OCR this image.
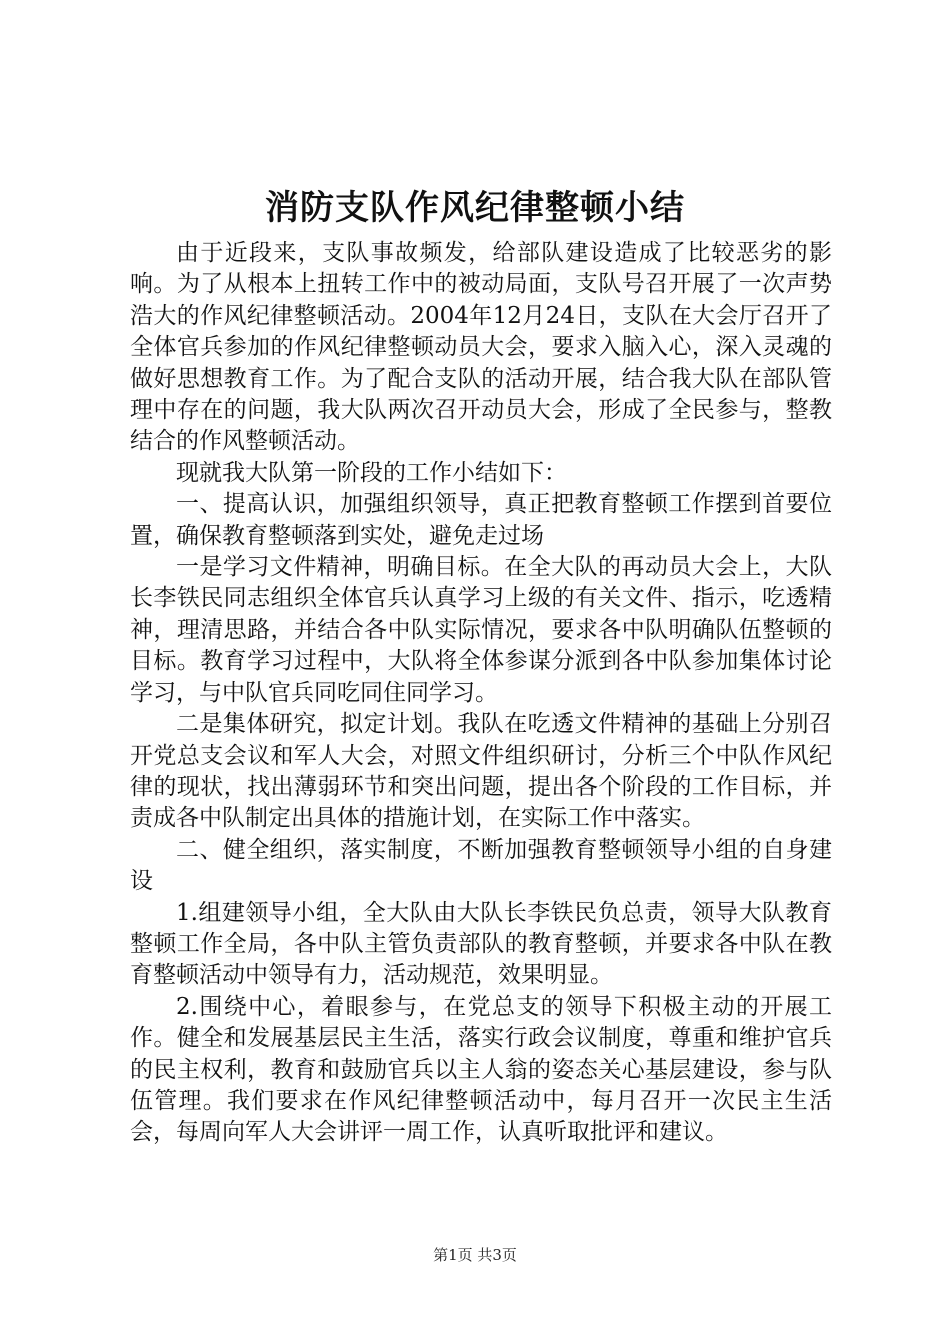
消防支队作风纪律整顿小结

由于近段来，支队事故频发，给部队建设造成了比较恶劣的影响。为了从根本上扭转工作中的被动局面，支队号召开展了一次声势浩大的作风纪律整顿活动。2004年12月24日，支队在大会厅召开了全体官兵参加的作风纪律整顿动员大会，要求入脑入心，深入灵魂的做好思想教育工作。为了配合支队的活动开展，结合我大队在部队管理中存在的问题，我大队两次召开动员大会，形成了全民参与，整教结合的作风整顿活动。

现就我大队第一阶段的工作小结如下：

一、提高认识，加强组织领导，真正把教育整顿工作摆到首要位置，确保教育整顿落到实处，避免走过场

一是学习文件精神，明确目标。在全大队的再动员大会上，大队长李铁民同志组织全体官兵认真学习上级的有关文件、指示，吃透精神，理清思路，并结合各中队实际情况，要求各中队明确队伍整顿的目标。教育学习过程中，大队将全体参谋分派到各中队参加集体讨论学习，与中队官兵同吃同住同学习。

二是集体研究，拟定计划。我队在吃透文件精神的基础上分别召开党总支会议和军人大会，对照文件组织研讨，分析三个中队作风纪律的现状，找出薄弱环节和突出问题，提出各个阶段的工作目标，并责成各中队制定出具体的措施计划，在实际工作中落实。

二、健全组织，落实制度，不断加强教育整顿领导小组的自身建设

1.组建领导小组，全大队由大队长李铁民负总责，领导大队教育整顿工作全局，各中队主管负责部队的教育整顿，并要求各中队在教育整顿活动中领导有力，活动规范，效果明显。

2.围绕中心，着眼参与，在党总支的领导下积极主动的开展工作。健全和发展基层民主生活，落实行政会议制度，尊重和维护官兵的民主权利，教育和鼓励官兵以主人翁的姿态关心基层建设，参与队伍管理。我们要求在作风纪律整顿活动中，每月召开一次民主生活会，每周向军人大会讲评一周工作，认真听取批评和建议。

第1页 共3页
